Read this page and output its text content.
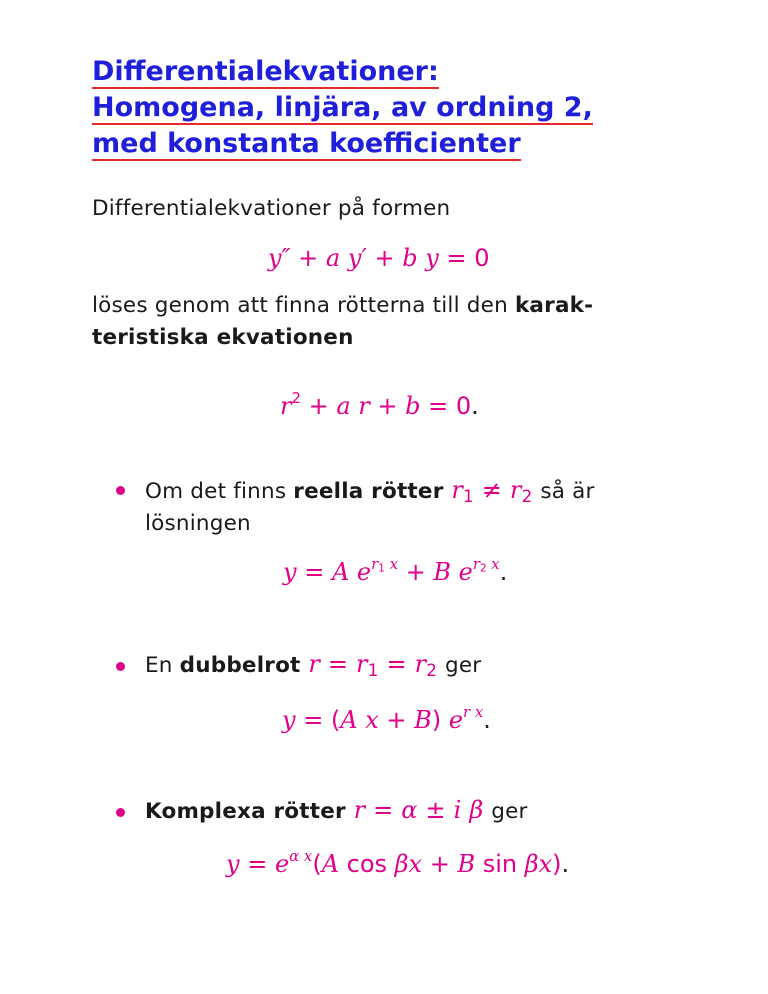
Differentialekvationer:
Homogena, linjära, av ordning 2,
med konstanta koefficienter
Differentialekvationer på formen
y″ + a y′ + b y = 0
löses genom att finna rötterna till den karak-
teristiska ekvationen
$r^2 + a$ r + b = 0.
Om det finns reella rötter $r_1 \ne r_2$ så är
lösningen
y = A $e^{r_1 x} + B$ $e^{r_2 x}$.
En dubbelrot $r = r_1 = r_2$ ger
y = (A x + B) $e^{r x}$.
Komplexa rötter r = α ± i β ger
$y = e^{\alpha x}(A$ cos βx + B sin βx).
